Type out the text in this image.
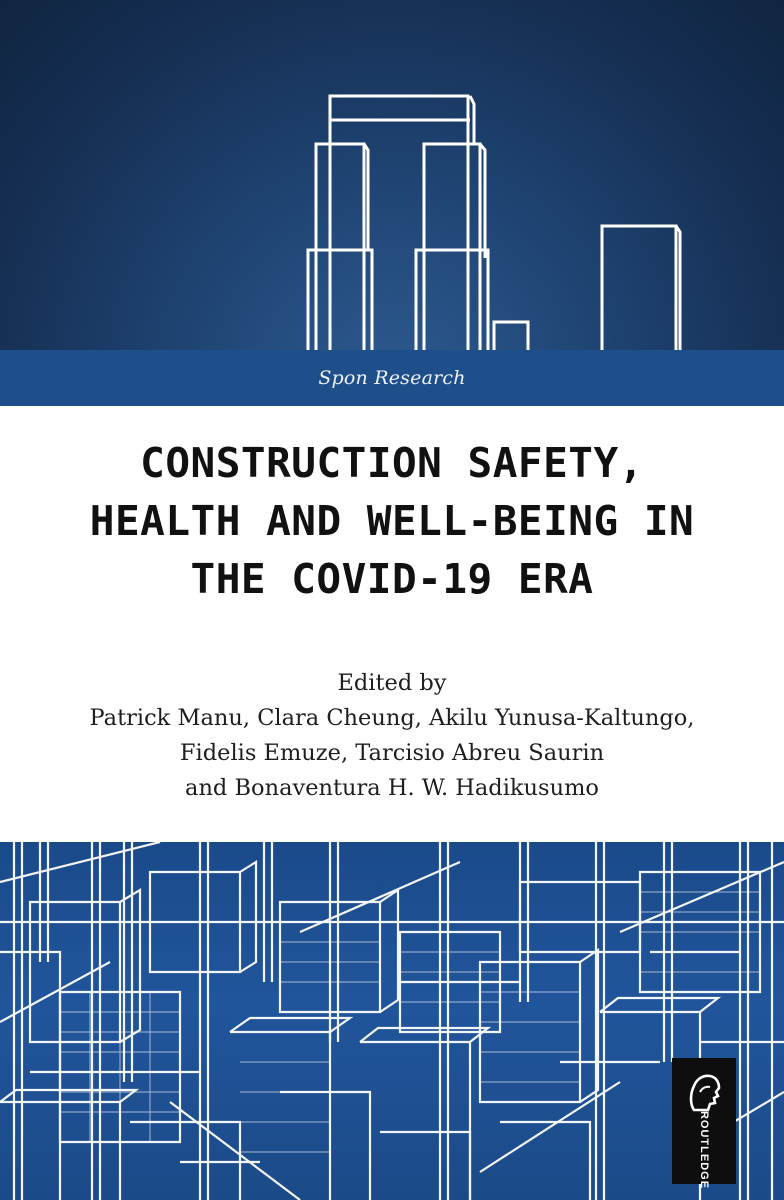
Spon Research
CONSTRUCTION SAFETY,
HEALTH AND WELL-BEING IN
THE COVID-19 ERA
Edited by
Patrick Manu, Clara Cheung, Akilu Yunusa-Kaltungo,
Fidelis Emuze, Tarcisio Abreu Saurin
and Bonaventura H. W. Hadikusumo
ROUTLEDGE
